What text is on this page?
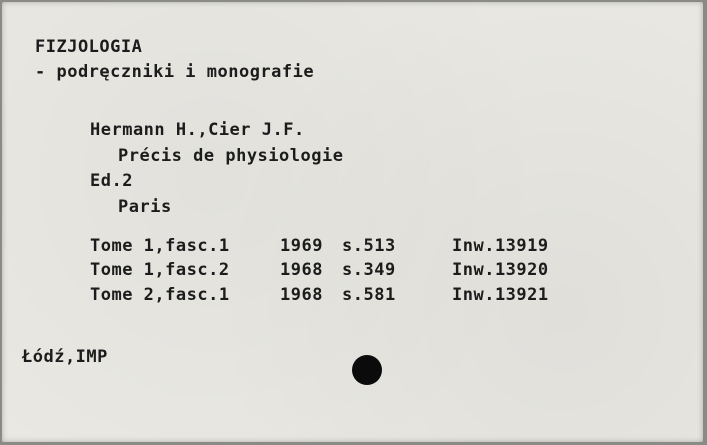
FIZJOLOGIA

- podręczniki i monografie

Hermann H.,Cier J.F.

Précis de physiologie

Ed.2

Paris

Tome 1,fasc.1	1969 s.513	Inw.13919

Tome 1,fasc.2	1968 s.349	Inw.13920

Tome 2,fasc.1	1968 s.581	Inw.13921

Łódź,IMP
